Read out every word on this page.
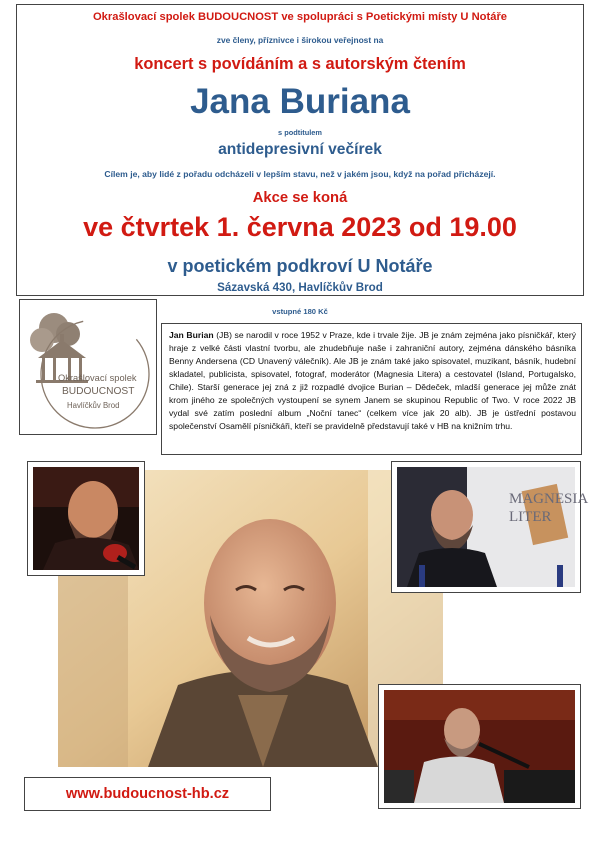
Okrašlovací spolek BUDOUCNOST ve spolupráci s Poetickými místy U Notáře
zve členy, příznivce i širokou veřejnost na
koncert s povídáním a s autorským čtením
Jana Buriana
s podtitulem
antidepresivní večírek
Cílem je, aby lidé z pořadu odcházeli v lepším stavu, než v jakém jsou, když na pořad přicházejí.
Akce se koná
ve čtvrtek 1. června 2023 od 19.00
v poetickém podkroví U Notáře
Sázavská 430, Havlíčkův Brod
vstupné 180 Kč
Okrašlovací spolek
BUDOUCNOST
Havlíčkův Brod
Jan Burian (JB) se narodil v roce 1952 v Praze, kde i trvale žije. JB je znám zejména jako písničkář, který hraje z velké části vlastní tvorbu, ale zhudebňuje naše i zahraniční autory, zejména dánského básníka Benny Andersena (CD Unavený válečník). Ale JB je znám také jako spisovatel, muzikant, básník, hudební skladatel, publicista, spisovatel, fotograf, moderátor (Magnesia Litera) a cestovatel (Island, Portugalsko, Chile). Starší generace jej zná z již rozpadlé dvojice Burian – Dědeček, mladší generace jej může znát krom jiného ze společných vystoupení se synem Janem se skupinou Republic of Two. V roce 2022 JB vydal své zatím poslední album „Noční tanec“ (celkem více jak 20 alb). JB je ústřední postavou společenství Osamělí písničkáři, kteří se pravidelně představují také v HB na knižním trhu.
MAGNESIA LITER
www.budoucnost-hb.cz
